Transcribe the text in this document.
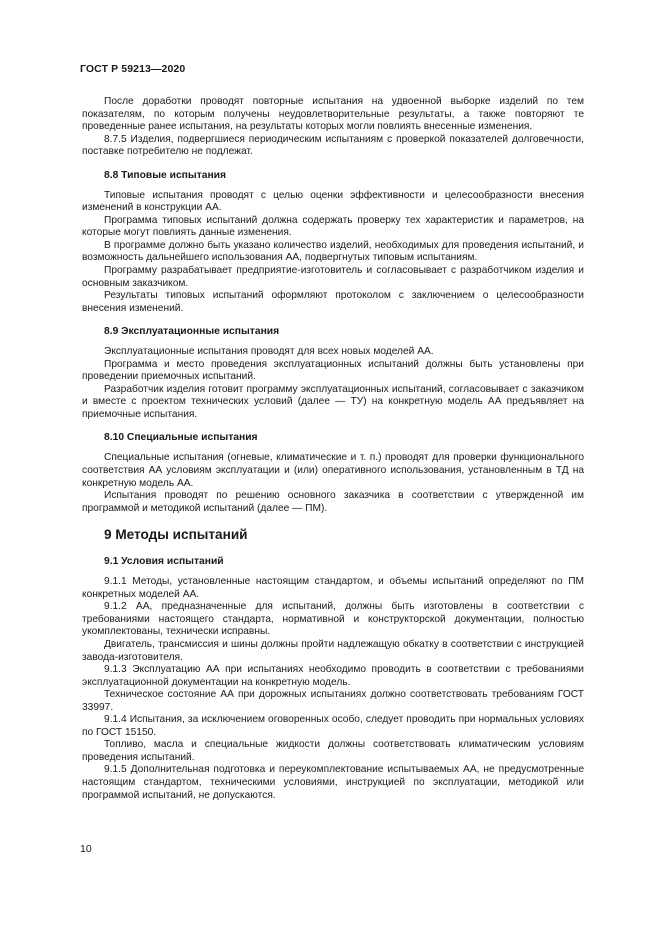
ГОСТ Р 59213—2020

После доработки проводят повторные испытания на удвоенной выборке изделий по тем показателям, по которым получены неудовлетворительные результаты, а также повторяют те проведенные ранее испытания, на результаты которых могли повлиять внесенные изменения.

8.7.5 Изделия, подвергшиеся периодическим испытаниям с проверкой показателей долговечности, поставке потребителю не подлежат.

8.8 Типовые испытания

Типовые испытания проводят с целью оценки эффективности и целесообразности внесения изменений в конструкции АА.

Программа типовых испытаний должна содержать проверку тех характеристик и параметров, на которые могут повлиять данные изменения.

В программе должно быть указано количество изделий, необходимых для проведения испытаний, и возможность дальнейшего использования АА, подвергнутых типовым испытаниям.

Программу разрабатывает предприятие-изготовитель и согласовывает с разработчиком изделия и основным заказчиком.

Результаты типовых испытаний оформляют протоколом с заключением о целесообразности внесения изменений.

8.9 Эксплуатационные испытания

Эксплуатационные испытания проводят для всех новых моделей АА.

Программа и место проведения эксплуатационных испытаний должны быть установлены при проведении приемочных испытаний.

Разработчик изделия готовит программу эксплуатационных испытаний, согласовывает с заказчиком и вместе с проектом технических условий (далее — ТУ) на конкретную модель АА предъявляет на приемочные испытания.

8.10 Специальные испытания

Специальные испытания (огневые, климатические и т. п.) проводят для проверки функционального соответствия АА условиям эксплуатации и (или) оперативного использования, установленным в ТД на конкретную модель АА.

Испытания проводят по решению основного заказчика в соответствии с утвержденной им программой и методикой испытаний (далее — ПМ).

9 Методы испытаний
9.1 Условия испытаний

9.1.1 Методы, установленные настоящим стандартом, и объемы испытаний определяют по ПМ конкретных моделей АА.

9.1.2 АА, предназначенные для испытаний, должны быть изготовлены в соответствии с требованиями настоящего стандарта, нормативной и конструкторской документации, полностью укомплектованы, технически исправны.

Двигатель, трансмиссия и шины должны пройти надлежащую обкатку в соответствии с инструкцией завода-изготовителя.

9.1.3 Эксплуатацию АА при испытаниях необходимо проводить в соответствии с требованиями эксплуатационной документации на конкретную модель.

Техническое состояние АА при дорожных испытаниях должно соответствовать требованиям ГОСТ 33997.

9.1.4 Испытания, за исключением оговоренных особо, следует проводить при нормальных условиях по ГОСТ 15150.

Топливо, масла и специальные жидкости должны соответствовать климатическим условиям проведения испытаний.

9.1.5 Дополнительная подготовка и переукомплектование испытываемых АА, не предусмотренные настоящим стандартом, техническими условиями, инструкцией по эксплуатации, методикой или программой испытаний, не допускаются.

10
